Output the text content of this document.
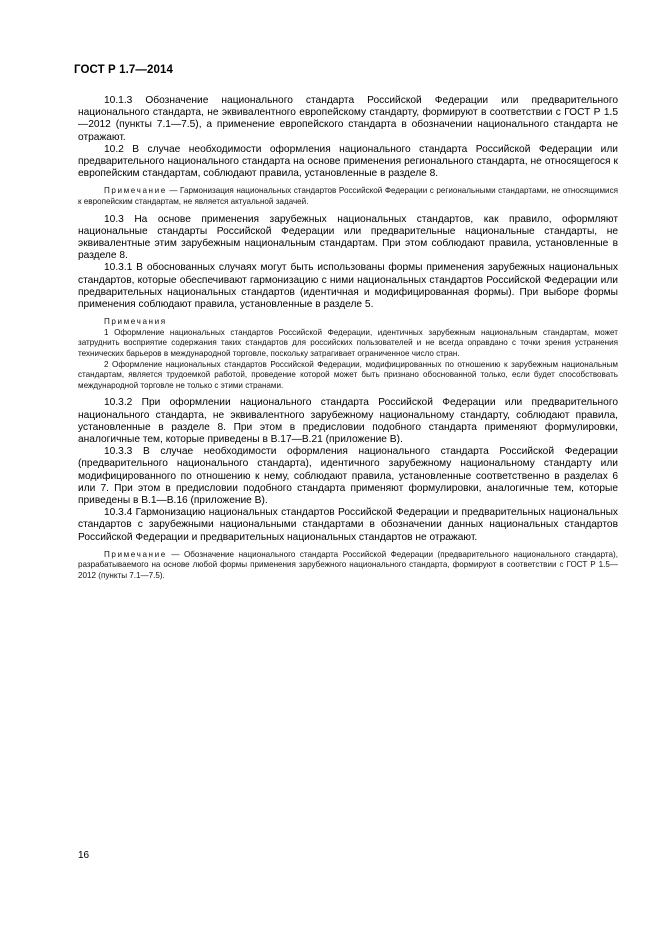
ГОСТ Р 1.7—2014

10.1.3 Обозначение национального стандарта Российской Федерации или предварительного национального стандарта, не эквивалентного европейскому стандарту, формируют в соответствии с ГОСТ Р 1.5—2012 (пункты 7.1—7.5), а применение европейского стандарта в обозначении национального стандарта не отражают.

10.2 В случае необходимости оформления национального стандарта Российской Федерации или предварительного национального стандарта на основе применения регионального стандарта, не относящегося к европейским стандартам, соблюдают правила, установленные в разделе 8.

Примечание — Гармонизация национальных стандартов Российской Федерации с региональными стандартами, не относящимися к европейским стандартам, не является актуальной задачей.

10.3 На основе применения зарубежных национальных стандартов, как правило, оформляют национальные стандарты Российской Федерации или предварительные национальные стандарты, не эквивалентные этим зарубежным национальным стандартам. При этом соблюдают правила, установленные в разделе 8.

10.3.1 В обоснованных случаях могут быть использованы формы применения зарубежных национальных стандартов, которые обеспечивают гармонизацию с ними национальных стандартов Российской Федерации или предварительных национальных стандартов (идентичная и модифицированная формы). При выборе формы применения соблюдают правила, установленные в разделе 5.

Примечания

1 Оформление национальных стандартов Российской Федерации, идентичных зарубежным национальным стандартам, может затруднить восприятие содержания таких стандартов для российских пользователей и не всегда оправдано с точки зрения устранения технических барьеров в международной торговле, поскольку затрагивает ограниченное число стран.

2 Оформление национальных стандартов Российской Федерации, модифицированных по отношению к зарубежным национальным стандартам, является трудоемкой работой, проведение которой может быть признано обоснованной только, если будет способствовать международной торговле не только с этими странами.

10.3.2 При оформлении национального стандарта Российской Федерации или предварительного национального стандарта, не эквивалентного зарубежному национальному стандарту, соблюдают правила, установленные в разделе 8. При этом в предисловии подобного стандарта применяют формулировки, аналогичные тем, которые приведены в В.17—В.21 (приложение В).

10.3.3 В случае необходимости оформления национального стандарта Российской Федерации (предварительного национального стандарта), идентичного зарубежному национальному стандарту или модифицированного по отношению к нему, соблюдают правила, установленные соответственно в разделах 6 или 7. При этом в предисловии подобного стандарта применяют формулировки, аналогичные тем, которые приведены в В.1—В.16 (приложение В).

10.3.4 Гармонизацию национальных стандартов Российской Федерации и предварительных национальных стандартов с зарубежными национальными стандартами в обозначении данных национальных стандартов Российской Федерации и предварительных национальных стандартов не отражают.

Примечание — Обозначение национального стандарта Российской Федерации (предварительного национального стандарта), разрабатываемого на основе любой формы применения зарубежного национального стандарта, формируют в соответствии с ГОСТ Р 1.5—2012 (пункты 7.1—7.5).

16
